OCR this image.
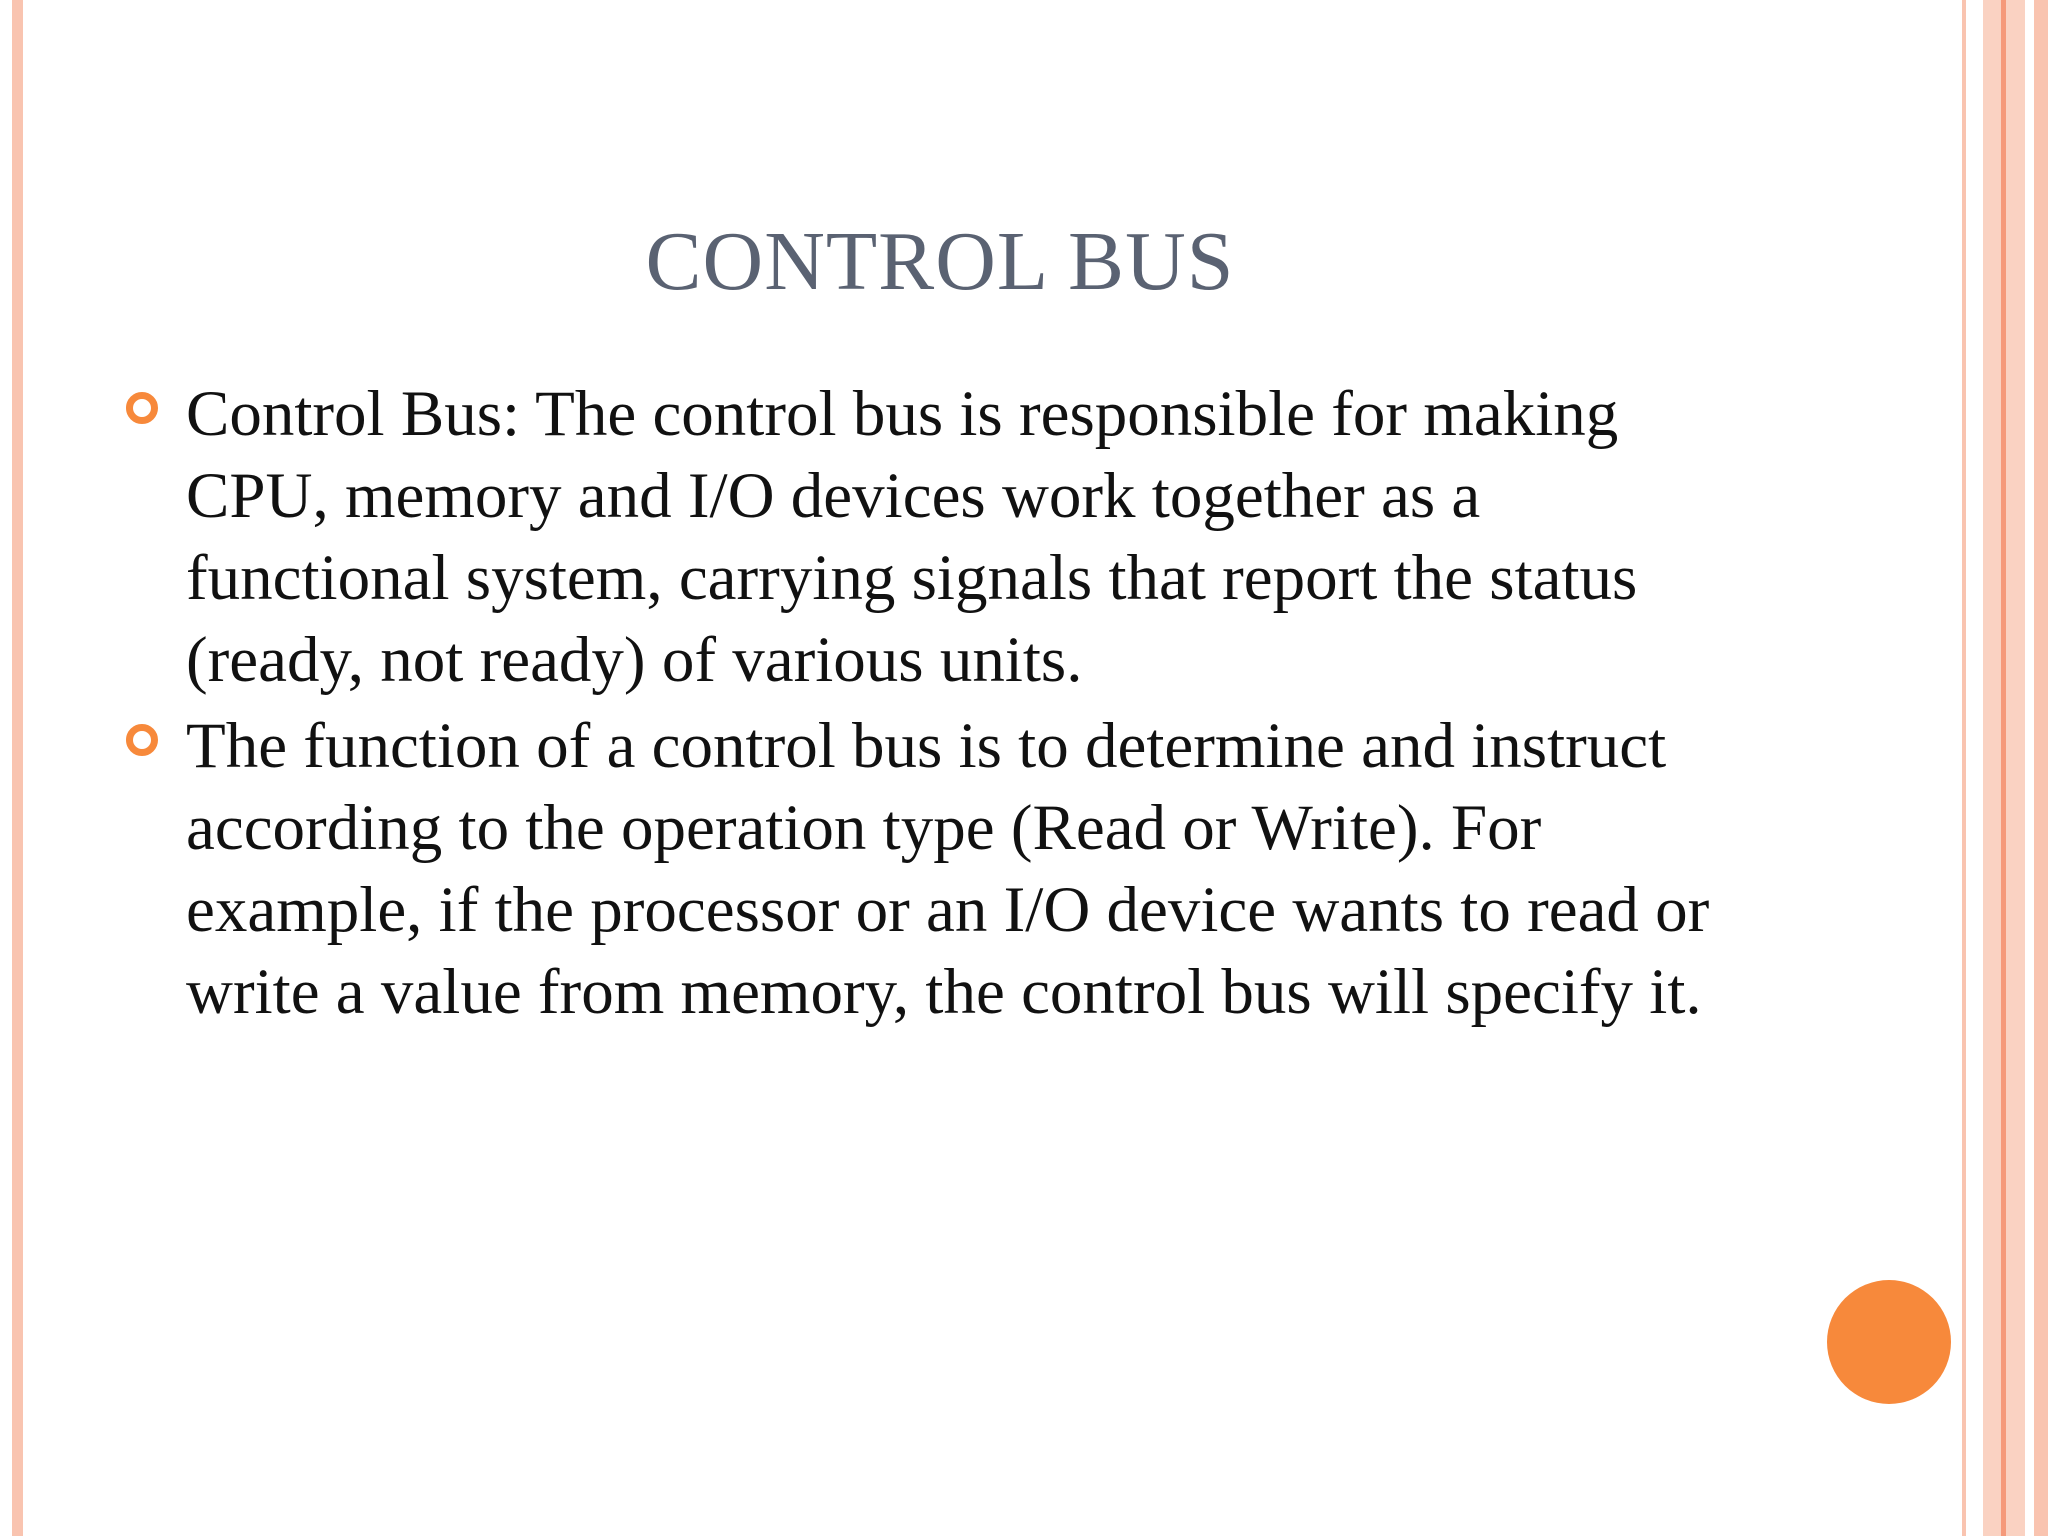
CONTROL BUS
Control Bus: The control bus is responsible for making CPU, memory and I/O devices work together as a functional system, carrying signals that report the status (ready, not ready) of various units.
The function of a control bus is to determine and instruct according to the operation type (Read or Write). For example, if the processor or an I/O device wants to read or write a value from memory, the control bus will specify it.
